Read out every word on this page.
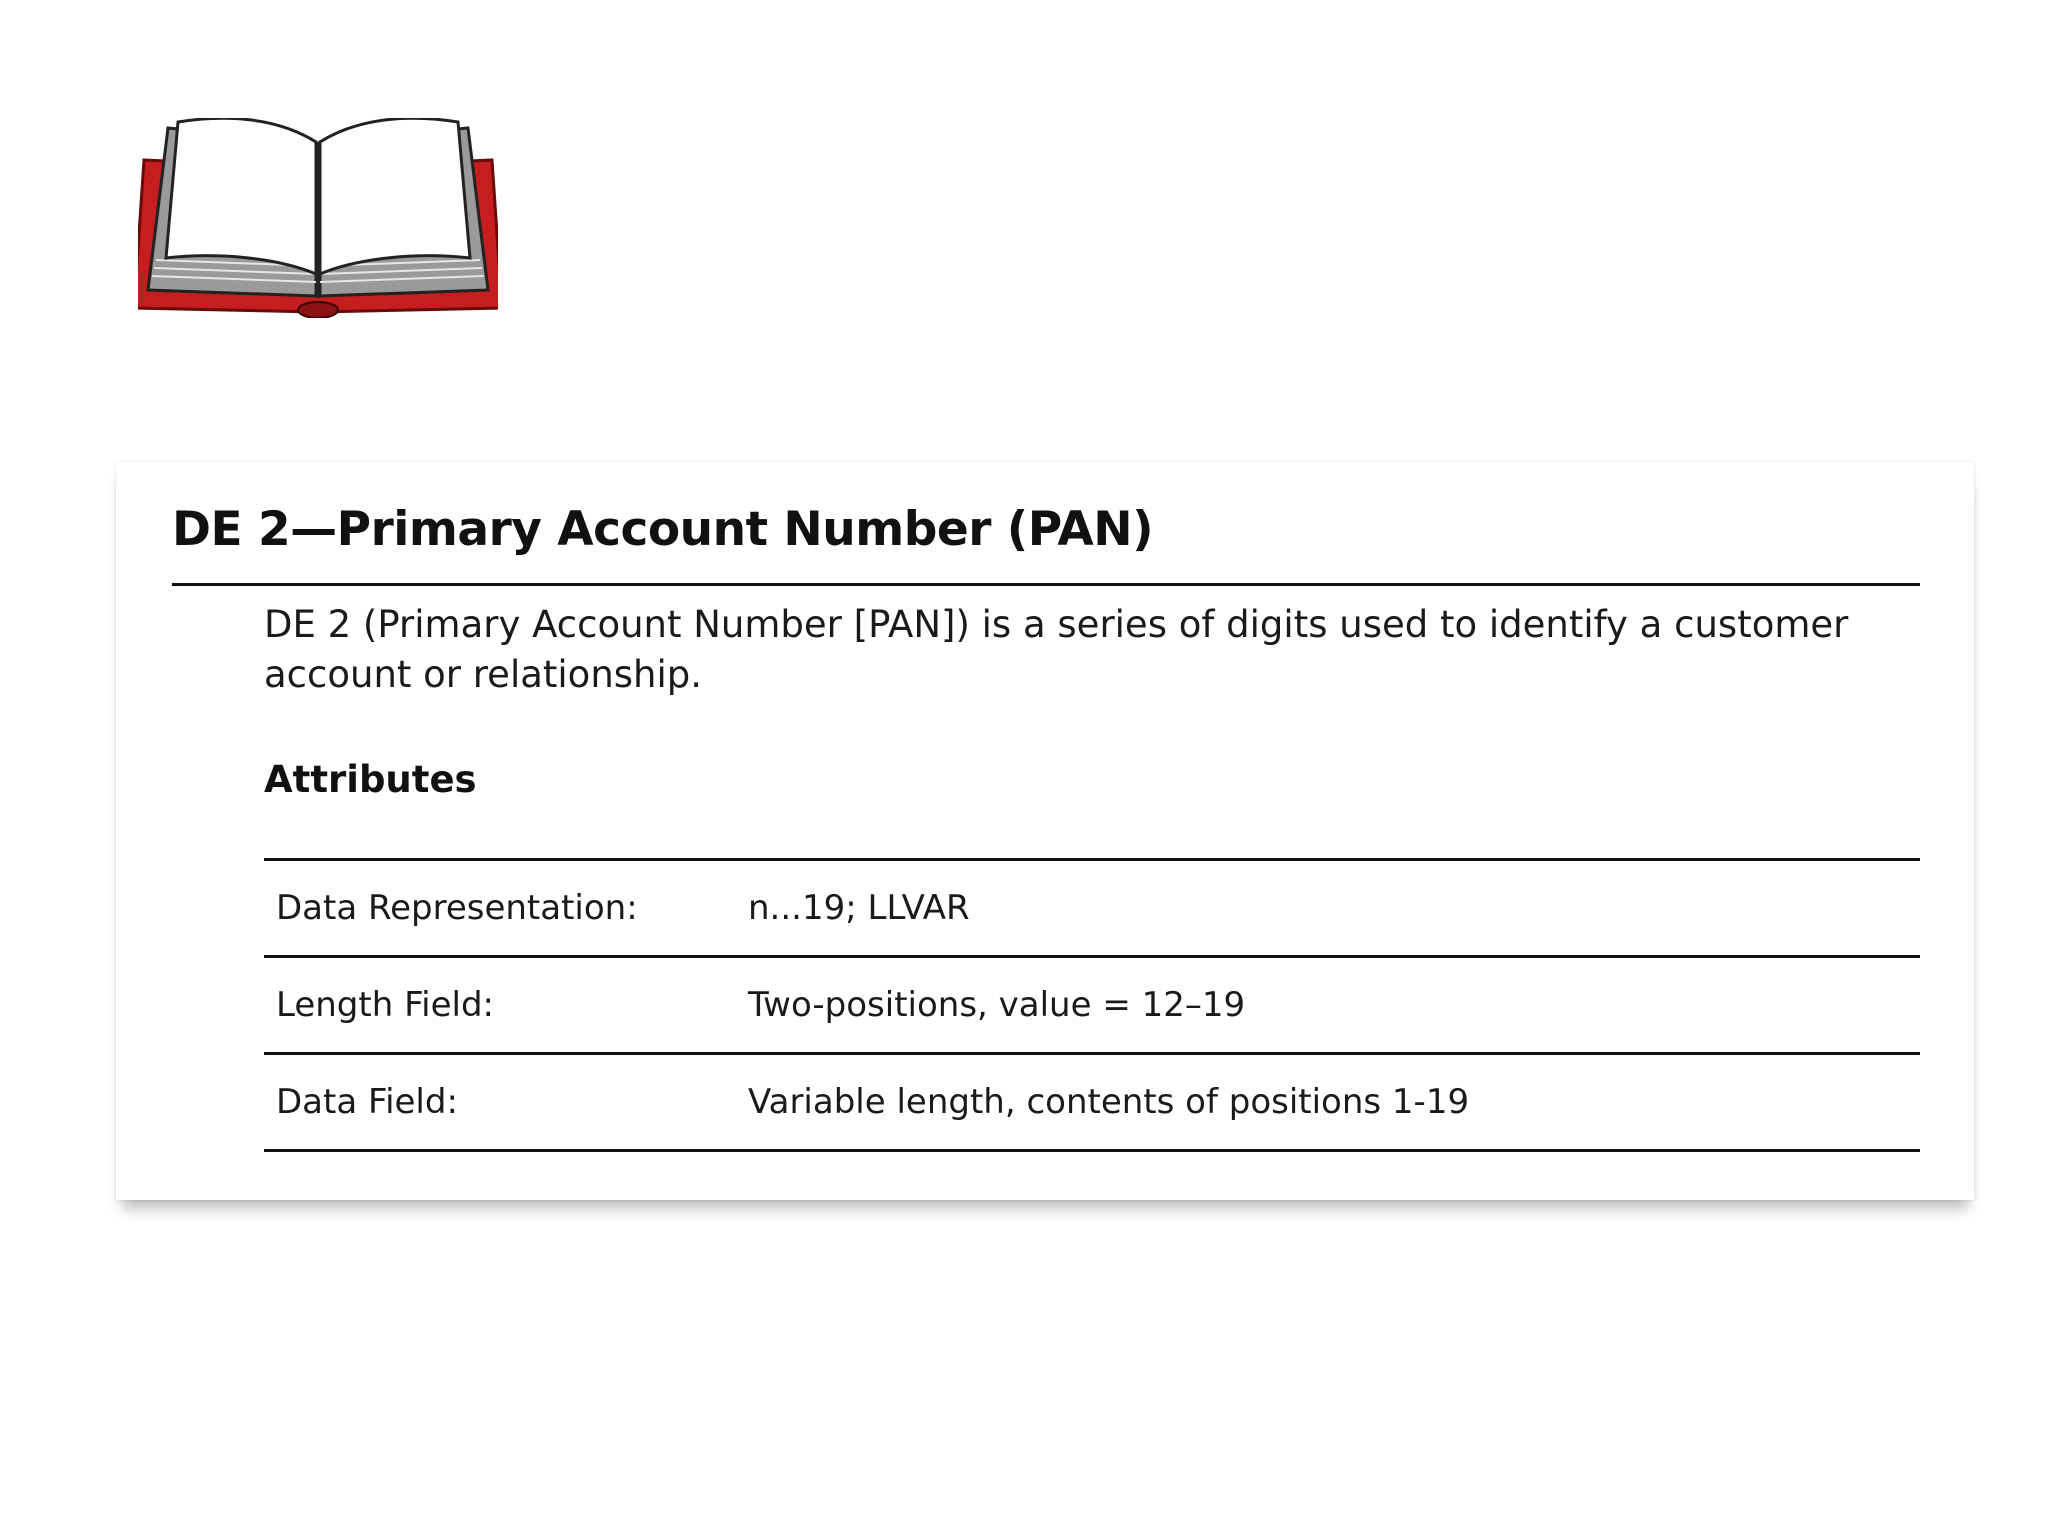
DE 2—Primary Account Number (PAN)
DE 2 (Primary Account Number [PAN]) is a series of digits used to identify a customer account or relationship.
Attributes
Data Representation:	n...19; LLVAR
Length Field:	Two-positions, value = 12–19
Data Field:	Variable length, contents of positions 1-19
